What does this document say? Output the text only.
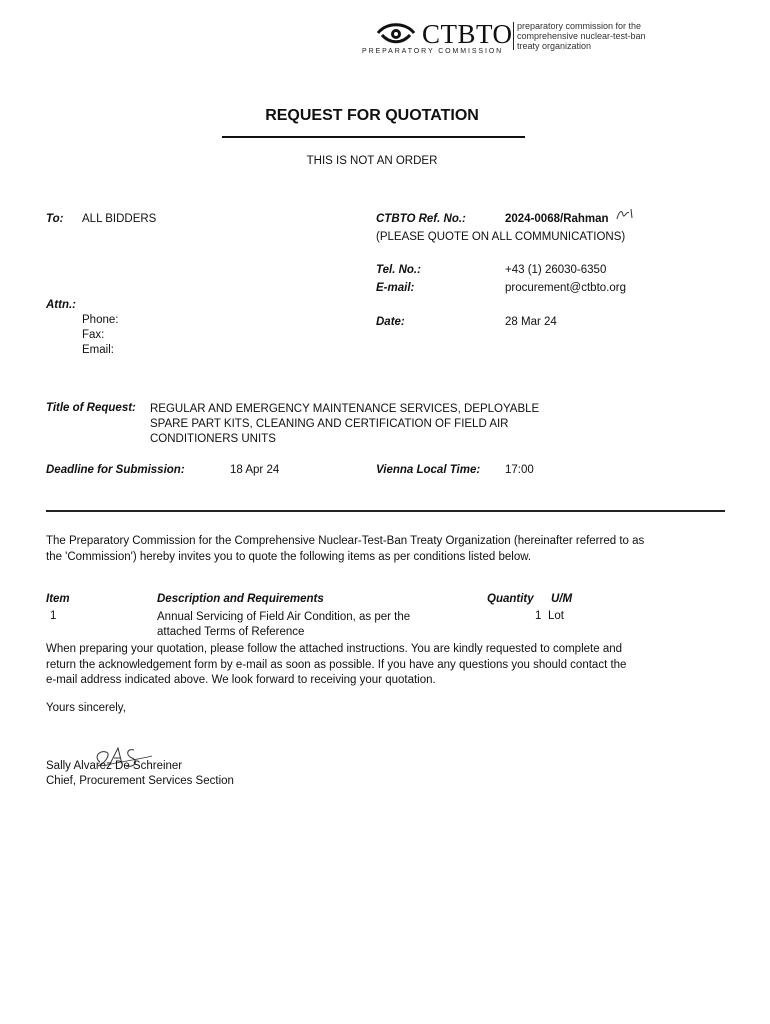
CTBTO
PREPARATORY COMMISSION
preparatory commission for the
comprehensive nuclear-test-ban
treaty organization
REQUEST FOR QUOTATION
THIS IS NOT AN ORDER
To: ALL BIDDERS	CTBTO Ref. No.:	2024-0068/Rahman
(PLEASE QUOTE ON ALL COMMUNICATIONS)
Tel. No.:	+43 (1) 26030-6350
E-mail:	procurement@ctbto.org
Attn.:
Phone:
Fax:
Email:
Date:	28 Mar 24
Title of Request: REGULAR AND EMERGENCY MAINTENANCE SERVICES, DEPLOYABLE
SPARE PART KITS, CLEANING AND CERTIFICATION OF FIELD AIR
CONDITIONERS UNITS
Deadline for Submission:	18 Apr 24	Vienna Local Time: 17:00
The Preparatory Commission for the Comprehensive Nuclear-Test-Ban Treaty Organization (hereinafter referred to as
the 'Commission') hereby invites you to quote the following items as per conditions listed below.
Item	Description and Requirements	Quantity U/M
1	Annual Servicing of Field Air Condition, as per the
attached Terms of Reference
1 Lot
When preparing your quotation, please follow the attached instructions. You are kindly requested to complete and
return the acknowledgement form by e-mail as soon as possible. If you have any questions you should contact the
e-mail address indicated above. We look forward to receiving your quotation.
Yours sincerely,
Sally Alvarez De Schreiner
Chief, Procurement Services Section
